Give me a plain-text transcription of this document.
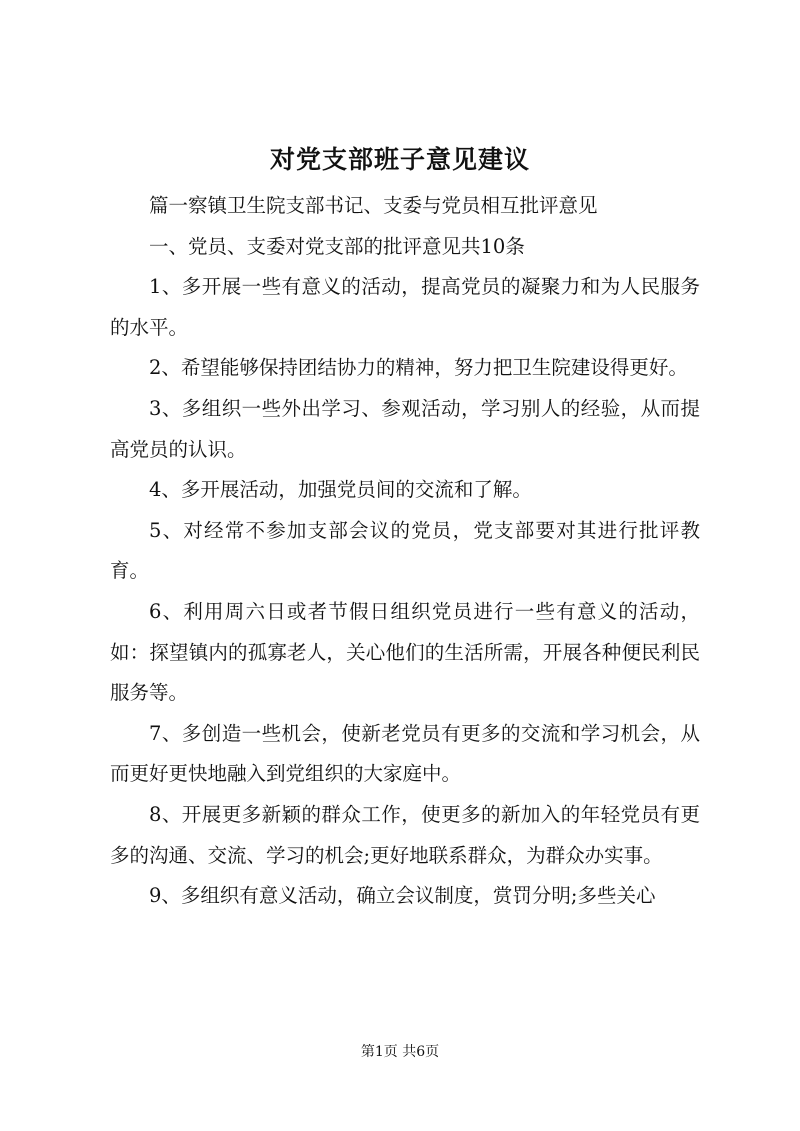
对党支部班子意见建议

篇一察镇卫生院支部书记、支委与党员相互批评意见

一、党员、支委对党支部的批评意见共10条

1、多开展一些有意义的活动，提高党员的凝聚力和为人民服务的水平。

2、希望能够保持团结协力的精神，努力把卫生院建设得更好。

3、多组织一些外出学习、参观活动，学习别人的经验，从而提高党员的认识。

4、多开展活动，加强党员间的交流和了解。

5、对经常不参加支部会议的党员，党支部要对其进行批评教育。

6、利用周六日或者节假日组织党员进行一些有意义的活动，如：探望镇内的孤寡老人，关心他们的生活所需，开展各种便民利民服务等。

7、多创造一些机会，使新老党员有更多的交流和学习机会，从而更好更快地融入到党组织的大家庭中。

8、开展更多新颖的群众工作，使更多的新加入的年轻党员有更多的沟通、交流、学习的机会;更好地联系群众，为群众办实事。

9、多组织有意义活动，确立会议制度，赏罚分明;多些关心

第1页 共6页
